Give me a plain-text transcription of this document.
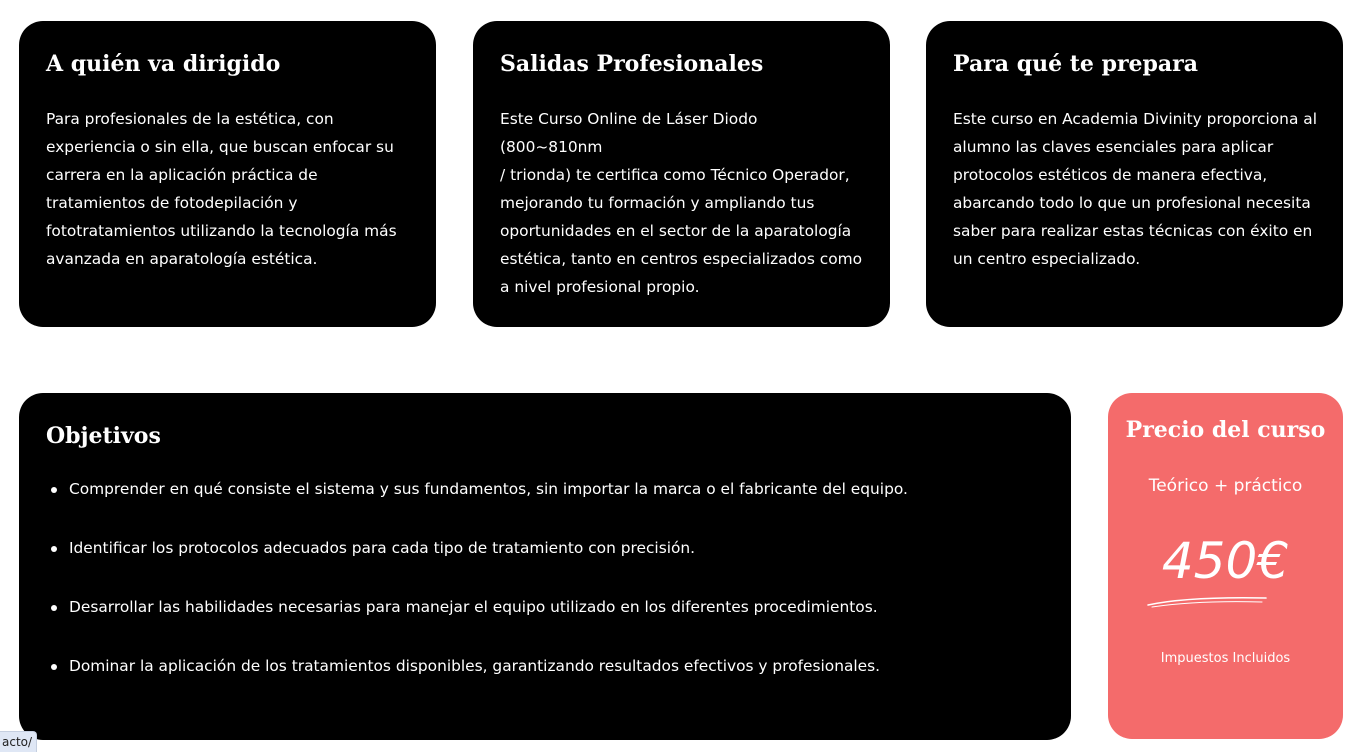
A quién va dirigido

Para profesionales de la estética, con
experiencia o sin ella, que buscan enfocar su
carrera en la aplicación práctica de
tratamientos de fotodepilación y
fototratamientos utilizando la tecnología más
avanzada en aparatología estética.

Salidas Profesionales

Este Curso Online de Láser Diodo (800~810nm
/ trionda) te certifica como Técnico Operador,
mejorando tu formación y ampliando tus
oportunidades en el sector de la aparatología
estética, tanto en centros especializados como
a nivel profesional propio.

Para qué te prepara

Este curso en Academia Divinity proporciona al
alumno las claves esenciales para aplicar
protocolos estéticos de manera efectiva,
abarcando todo lo que un profesional necesita
saber para realizar estas técnicas con éxito en
un centro especializado.

Objetivos
Comprender en qué consiste el sistema y sus fundamentos, sin importar la marca o el fabricante del equipo.
Identificar los protocolos adecuados para cada tipo de tratamiento con precisión.
Desarrollar las habilidades necesarias para manejar el equipo utilizado en los diferentes procedimientos.
Dominar la aplicación de los tratamientos disponibles, garantizando resultados efectivos y profesionales.
Precio del curso
Teórico + práctico
450€
Impuestos Incluidos
acto/
